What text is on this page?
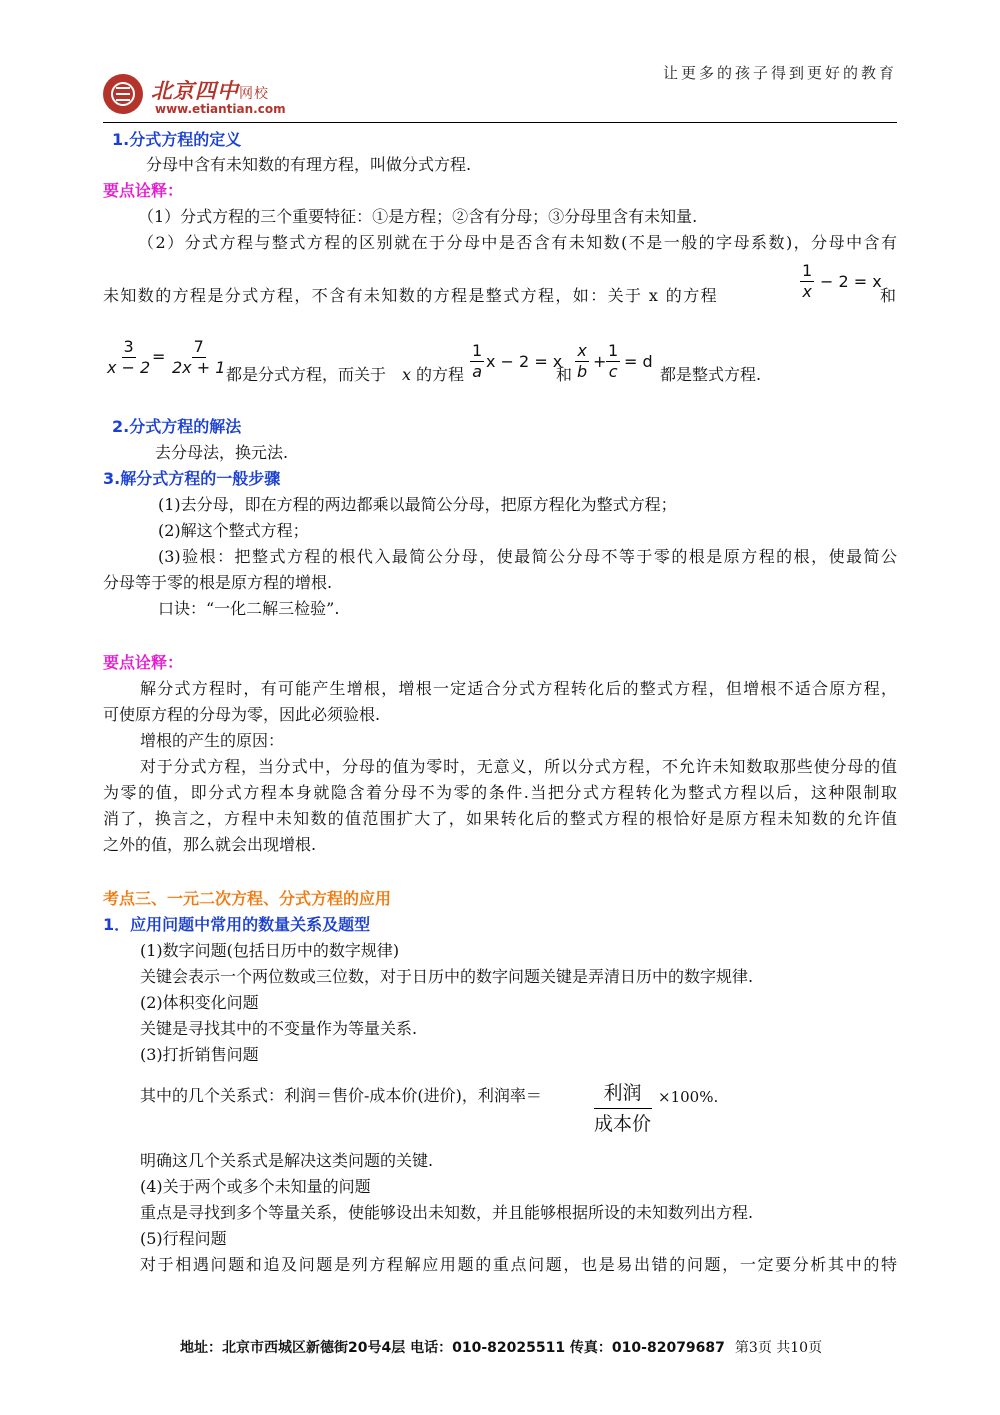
让更多的孩子得到更好的教育
北京四中网校
www.etiantian.com
1.分式方程的定义
分母中含有未知数的有理方程，叫做分式方程.
要点诠释：
（1）分式方程的三个重要特征：①是方程；②含有分母；③分母里含有未知量.
（2）分式方程与整式方程的区别就在于分母中是否含有未知数(不是一般的字母系数)，分母中含有
未知数的方程是分式方程，不含有未知数的方程是整式方程，如：关于 x 的方程	$\frac{1}{x} - 2 = x$
和
$\frac{3}{x - 2} = \frac{7}{2x + 1}$
都是分式方程，而关于 x 的方程 $\frac{1}{a}$ x − 2 = x
和 $\frac{x}{b} + \frac{1}{c} = d$
都是整式方程.
2.分式方程的解法
去分母法，换元法.
3.解分式方程的一般步骤
(1)去分母，即在方程的两边都乘以最简公分母，把原方程化为整式方程；
(2)解这个整式方程；
(3)验根：把整式方程的根代入最简公分母，使最简公分母不等于零的根是原方程的根，使最简公
分母等于零的根是原方程的增根.
口诀：“一化二解三检验”.
要点诠释：
解分式方程时，有可能产生增根，增根一定适合分式方程转化后的整式方程，但增根不适合原方程，
可使原方程的分母为零，因此必须验根.
增根的产生的原因：
对于分式方程，当分式中，分母的值为零时，无意义，所以分式方程，不允许未知数取那些使分母的值
为零的值，即分式方程本身就隐含着分母不为零的条件.当把分式方程转化为整式方程以后，这种限制取
消了，换言之，方程中未知数的值范围扩大了，如果转化后的整式方程的根恰好是原方程未知数的允许值
之外的值，那么就会出现增根.
考点三、一元二次方程、分式方程的应用
1．应用问题中常用的数量关系及题型
(1)数字问题(包括日历中的数字规律)
关键会表示一个两位数或三位数，对于日历中的数字问题关键是弄清日历中的数字规律.
(2)体积变化问题
关键是寻找其中的不变量作为等量关系.
(3)打折销售问题
其中的几个关系式：利润＝售价-成本价(进价)，利润率＝	利润
成本价
×100%.
明确这几个关系式是解决这类问题的关键.
(4)关于两个或多个未知量的问题
重点是寻找到多个等量关系，使能够设出未知数，并且能够根据所设的未知数列出方程.
(5)行程问题
对于相遇问题和追及问题是列方程解应用题的重点问题，也是易出错的问题，一定要分析其中的特
地址：北京市西城区新德街20号4层 电话：010-82025511 传真：010-82079687 第3页 共10页
